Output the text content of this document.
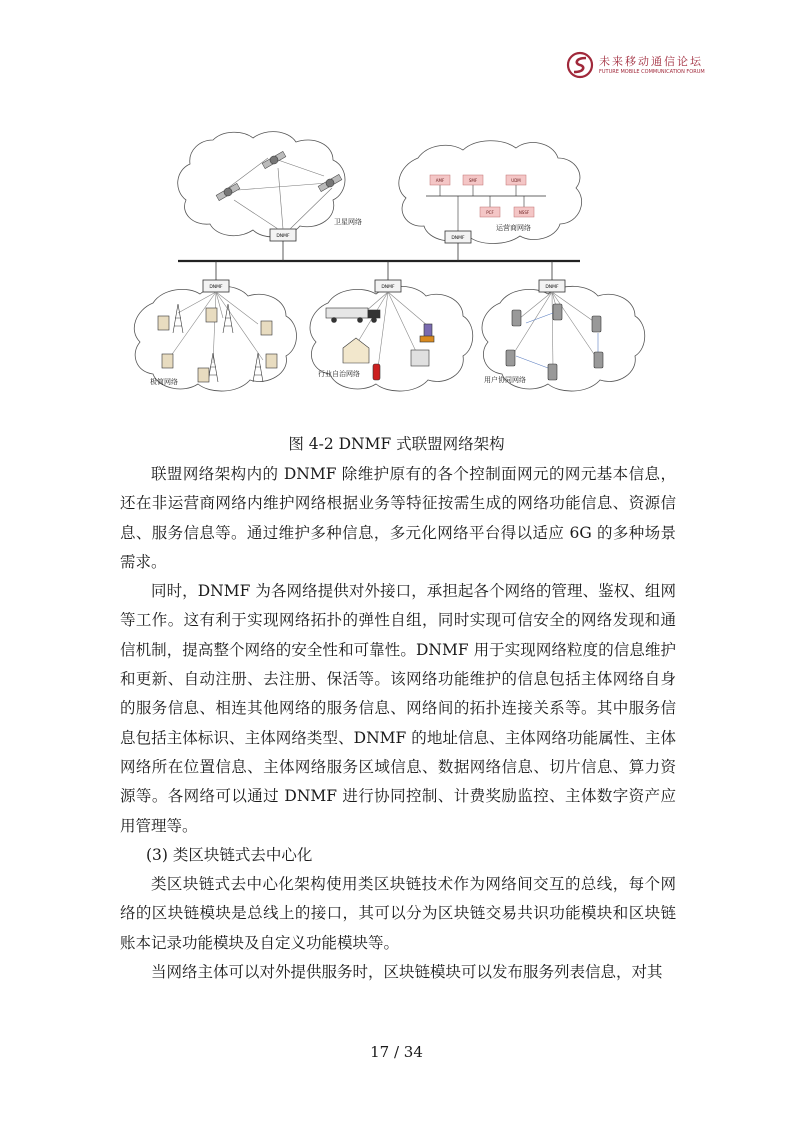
未来移动通信论坛
FUTURE MOBILE COMMUNICATION FORUM
DNMF	DNMF
DNMF	DNMF	DNMF
卫星网络
AMF	SMF	UDM
PCF	NSSF
运营商网络
极简网络
行业自治网络
用户协同网络
图 4-2 DNMF 式联盟网络架构

联盟网络架构内的 DNMF 除维护原有的各个控制面网元的网元基本信息，还在非运营商网络内维护网络根据业务等特征按需生成的网络功能信息、资源信息、服务信息等。通过维护多种信息，多元化网络平台得以适应 6G 的多种场景需求。

同时，DNMF 为各网络提供对外接口，承担起各个网络的管理、鉴权、组网等工作。这有利于实现网络拓扑的弹性自组，同时实现可信安全的网络发现和通信机制，提高整个网络的安全性和可靠性。DNMF 用于实现网络粒度的信息维护和更新、自动注册、去注册、保活等。该网络功能维护的信息包括主体网络自身的服务信息、相连其他网络的服务信息、网络间的拓扑连接关系等。其中服务信息包括主体标识、主体网络类型、DNMF 的地址信息、主体网络功能属性、主体网络所在位置信息、主体网络服务区域信息、数据网络信息、切片信息、算力资源等。各网络可以通过 DNMF 进行协同控制、计费奖励监控、主体数字资产应用管理等。

(3) 类区块链式去中心化

类区块链式去中心化架构使用类区块链技术作为网络间交互的总线，每个网络的区块链模块是总线上的接口，其可以分为区块链交易共识功能模块和区块链账本记录功能模块及自定义功能模块等。

当网络主体可以对外提供服务时，区块链模块可以发布服务列表信息，对其

17 / 34
